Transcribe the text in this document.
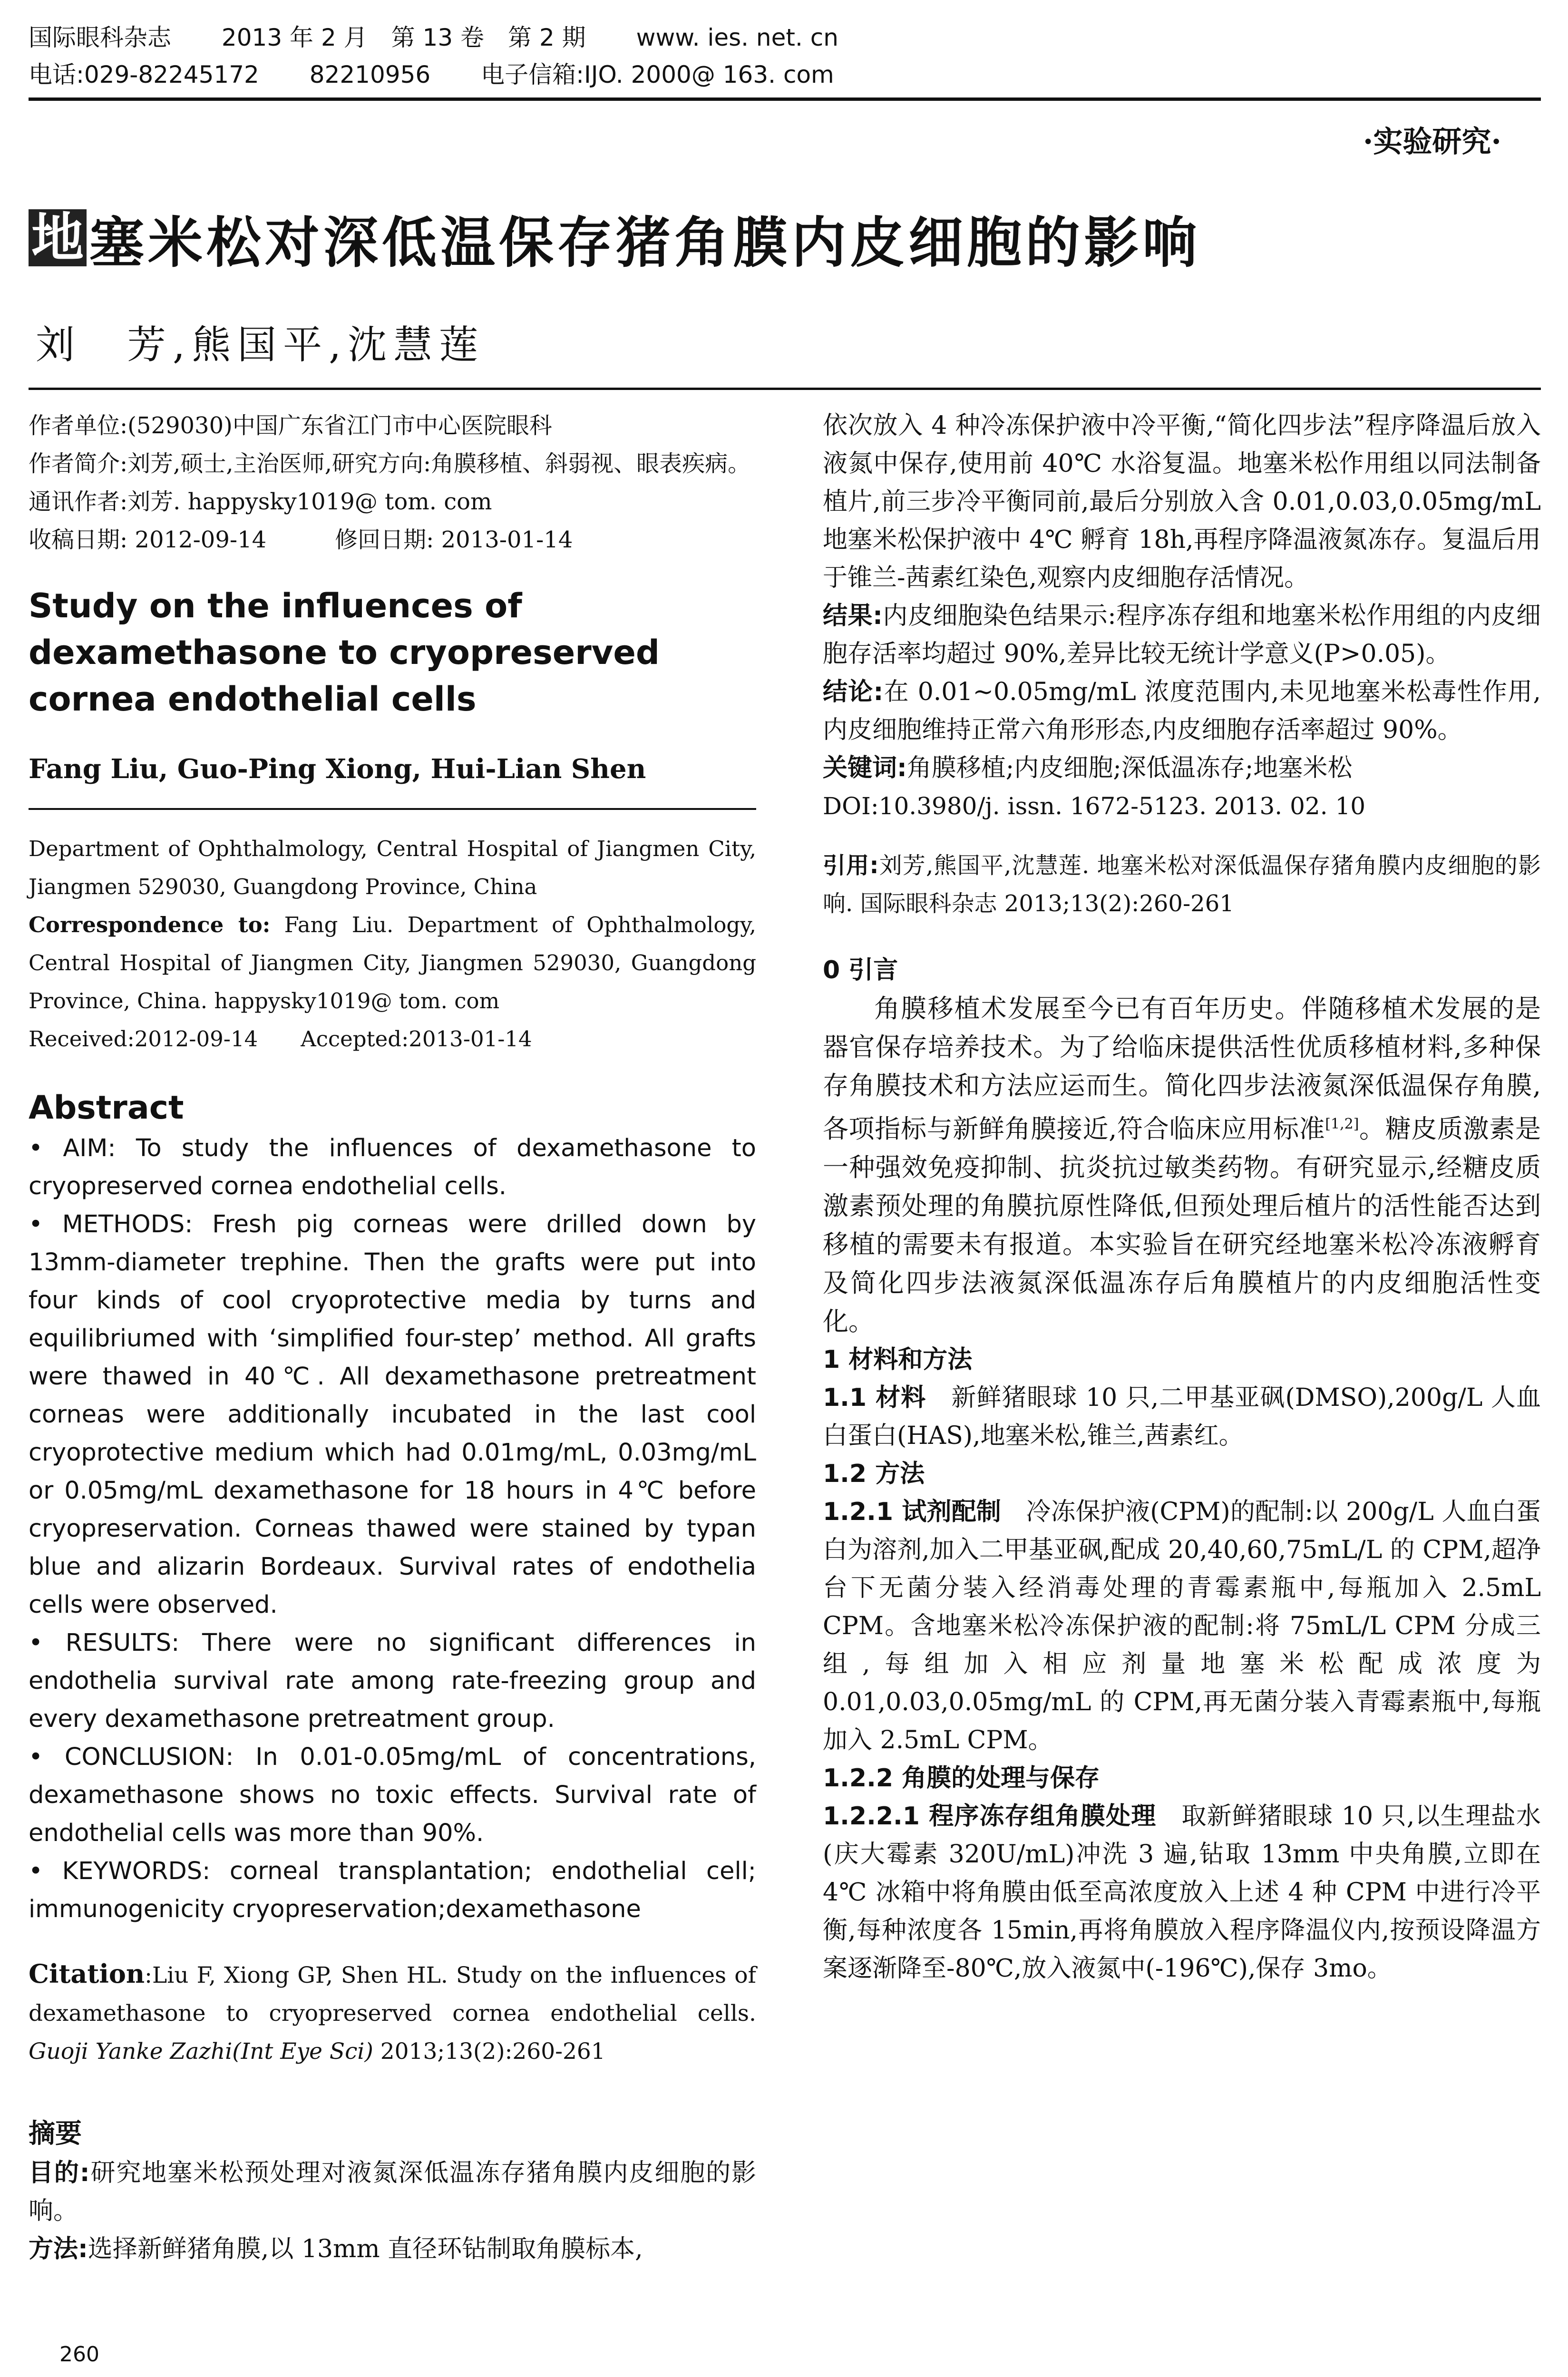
国际眼科杂志 2013 年 2 月　第 13 卷　第 2 期 www. ies. net. cn
电话:029-82245172 82210956 电子信箱:IJO. 2000@ 163. com
·实验研究·
地 塞米松对深低温保存猪角膜内皮细胞的影响
刘　芳,熊国平,沈慧莲
作者单位:(529030)中国广东省江门市中心医院眼科
作者简介:刘芳,硕士,主治医师,研究方向:角膜移植、斜弱视、眼表疾病。
通讯作者:刘芳. happysky1019@ tom. com
收稿日期: 2012-09-14　　　修回日期: 2013-01-14
Study on the influences of dexamethasone to cryopreserved cornea endothelial cells
Fang Liu, Guo-Ping Xiong, Hui-Lian Shen
Department of Ophthalmology, Central Hospital of Jiangmen City, Jiangmen 529030, Guangdong Province, China
Correspondence to: Fang Liu. Department of Ophthalmology, Central Hospital of Jiangmen City, Jiangmen 529030, Guangdong Province, China. happysky1019@ tom. com
Received:2012-09-14　　Accepted:2013-01-14
Abstract
• AIM: To study the influences of dexamethasone to cryopreserved cornea endothelial cells.
• METHODS: Fresh pig corneas were drilled down by 13mm-diameter trephine. Then the grafts were put into four kinds of cool cryoprotective media by turns and equilibriumed with ‘simplified four-step’ method. All grafts were thawed in 40℃. All dexamethasone pretreatment corneas were additionally incubated in the last cool cryoprotective medium which had 0.01mg/mL, 0.03mg/mL or 0.05mg/mL dexamethasone for 18 hours in 4℃ before cryopreservation. Corneas thawed were stained by typan blue and alizarin Bordeaux. Survival rates of endothelia cells were observed.
• RESULTS: There were no significant differences in endothelia survival rate among rate-freezing group and every dexamethasone pretreatment group.
• CONCLUSION: In 0.01-0.05mg/mL of concentrations, dexamethasone shows no toxic effects. Survival rate of endothelial cells was more than 90%.
• KEYWORDS: corneal transplantation; endothelial cell; immunogenicity cryopreservation;dexamethasone
Citation:Liu F, Xiong GP, Shen HL. Study on the influences of dexamethasone to cryopreserved cornea endothelial cells. Guoji Yanke Zazhi(Int Eye Sci) 2013;13(2):260-261
摘要
目的:研究地塞米松预处理对液氮深低温冻存猪角膜内皮细胞的影响。
方法:选择新鲜猪角膜,以 13mm 直径环钻制取角膜标本,
依次放入 4 种冷冻保护液中冷平衡,“简化四步法”程序降温后放入液氮中保存,使用前 40℃ 水浴复温。地塞米松作用组以同法制备植片,前三步冷平衡同前,最后分别放入含 0.01,0.03,0.05mg/mL 地塞米松保护液中 4℃ 孵育 18h,再程序降温液氮冻存。复温后用于锥兰-茜素红染色,观察内皮细胞存活情况。
结果:内皮细胞染色结果示:程序冻存组和地塞米松作用组的内皮细胞存活率均超过 90%,差异比较无统计学意义(P>0.05)。
结论:在 0.01~0.05mg/mL 浓度范围内,未见地塞米松毒性作用,内皮细胞维持正常六角形形态,内皮细胞存活率超过 90%。
关键词:角膜移植;内皮细胞;深低温冻存;地塞米松
DOI:10.3980/j. issn. 1672-5123. 2013. 02. 10
引用:刘芳,熊国平,沈慧莲. 地塞米松对深低温保存猪角膜内皮细胞的影响. 国际眼科杂志 2013;13(2):260-261
0 引言
角膜移植术发展至今已有百年历史。伴随移植术发展的是器官保存培养技术。为了给临床提供活性优质移植材料,多种保存角膜技术和方法应运而生。简化四步法液氮深低温保存角膜,各项指标与新鲜角膜接近,符合临床应用标准[1,2]。糖皮质激素是一种强效免疫抑制、抗炎抗过敏类药物。有研究显示,经糖皮质激素预处理的角膜抗原性降低,但预处理后植片的活性能否达到移植的需要未有报道。本实验旨在研究经地塞米松冷冻液孵育及简化四步法液氮深低温冻存后角膜植片的内皮细胞活性变化。
1 材料和方法
1.1 材料　新鲜猪眼球 10 只,二甲基亚砜(DMSO),200g/L 人血白蛋白(HAS),地塞米松,锥兰,茜素红。
1.2 方法
1.2.1 试剂配制　冷冻保护液(CPM)的配制:以 200g/L 人血白蛋白为溶剂,加入二甲基亚砜,配成 20,40,60,75mL/L 的 CPM,超净台下无菌分装入经消毒处理的青霉素瓶中,每瓶加入 2.5mL CPM。含地塞米松冷冻保护液的配制:将 75mL/L CPM 分成三组,每组加入相应剂量地塞米松配成浓度为 0.01,0.03,0.05mg/mL 的 CPM,再无菌分装入青霉素瓶中,每瓶加入 2.5mL CPM。
1.2.2 角膜的处理与保存
1.2.2.1 程序冻存组角膜处理　取新鲜猪眼球 10 只,以生理盐水(庆大霉素 320U/mL)冲洗 3 遍,钻取 13mm 中央角膜,立即在 4℃ 冰箱中将角膜由低至高浓度放入上述 4 种 CPM 中进行冷平衡,每种浓度各 15min,再将角膜放入程序降温仪内,按预设降温方案逐渐降至-80℃,放入液氮中(-196℃),保存 3mo。
260
